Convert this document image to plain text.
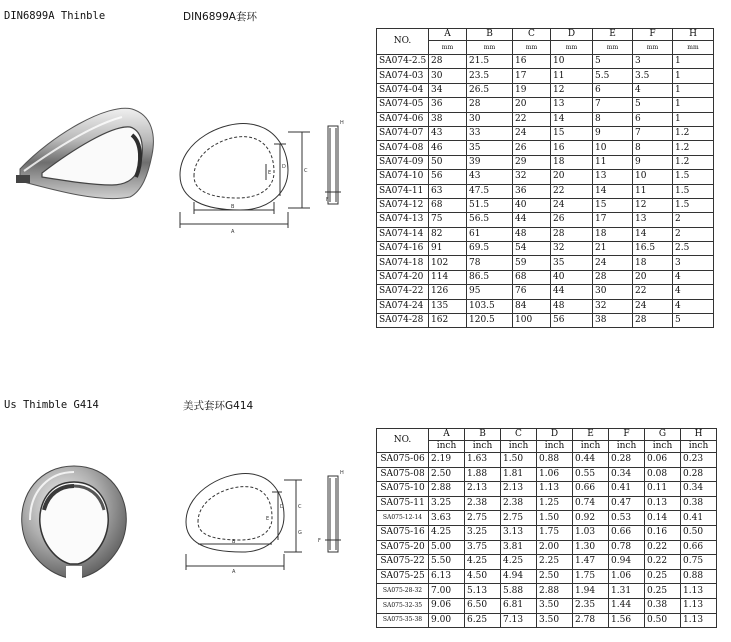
DIN6899A Thinble	DIN6899A套环
A
B
C
D
E
F
H
NO.	A	B	C	D	E	F	H
	mm	mm	mm	mm	mm	mm	mm
SA074-2.5	28	21.5	16	10	5	3	1
SA074-03	30	23.5	17	11	5.5	3.5	1
SA074-04	34	26.5	19	12	6	4	1
SA074-05	36	28	20	13	7	5	1
SA074-06	38	30	22	14	8	6	1
SA074-07	43	33	24	15	9	7	1.2
SA074-08	46	35	26	16	10	8	1.2
SA074-09	50	39	29	18	11	9	1.2
SA074-10	56	43	32	20	13	10	1.5
SA074-11	63	47.5	36	22	14	11	1.5
SA074-12	68	51.5	40	24	15	12	1.5
SA074-13	75	56.5	44	26	17	13	2
SA074-14	82	61	48	28	18	14	2
SA074-16	91	69.5	54	32	21	16.5	2.5
SA074-18	102	78	59	35	24	18	3
SA074-20	114	86.5	68	40	28	20	4
SA074-22	126	95	76	44	30	22	4
SA074-24	135	103.5	84	48	32	24	4
SA074-28	162	120.5	100	56	38	28	5
Us Thimble G414	美式套环G414
A
B
C
D
E
F
G
H
NO.	A	B	C	D	E	F	G	H
	inch	inch	inch	inch	inch	inch	inch	inch
SA075-06	2.19	1.63	1.50	0.88	0.44	0.28	0.06	0.23
SA075-08	2.50	1.88	1.81	1.06	0.55	0.34	0.08	0.28
SA075-10	2.88	2.13	2.13	1.13	0.66	0.41	0.11	0.34
SA075-11	3.25	2.38	2.38	1.25	0.74	0.47	0.13	0.38
SA075-12-14	3.63	2.75	2.75	1.50	0.92	0.53	0.14	0.41
SA075-16	4.25	3.25	3.13	1.75	1.03	0.66	0.16	0.50
SA075-20	5.00	3.75	3.81	2.00	1.30	0.78	0.22	0.66
SA075-22	5.50	4.25	4.25	2.25	1.47	0.94	0.22	0.75
SA075-25	6.13	4.50	4.94	2.50	1.75	1.06	0.25	0.88
SA075-28-32	7.00	5.13	5.88	2.88	1.94	1.31	0.25	1.13
SA075-32-35	9.06	6.50	6.81	3.50	2.35	1.44	0.38	1.13
SA075-35-38	9.00	6.25	7.13	3.50	2.78	1.56	0.50	1.13
